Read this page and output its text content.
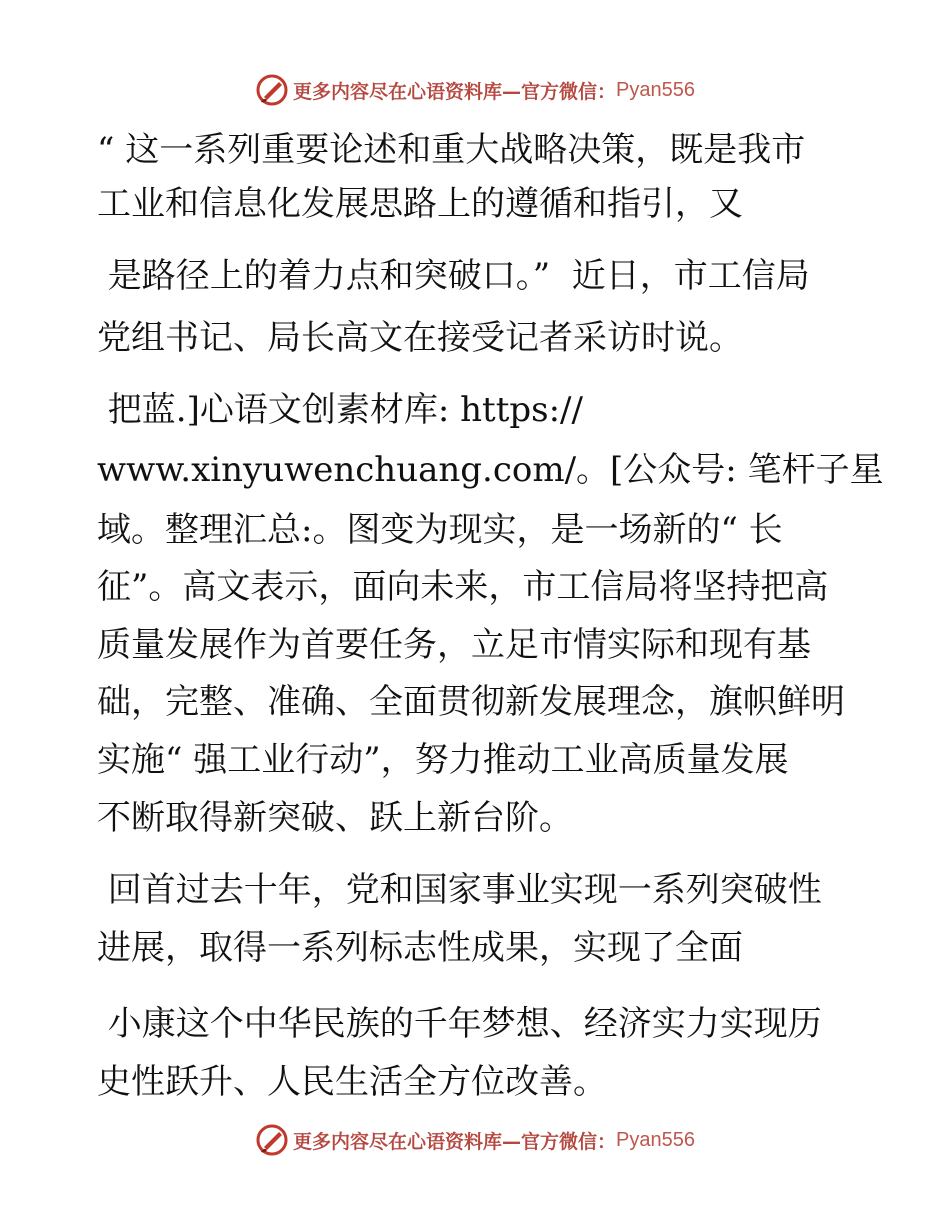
更多内容尽在心语资料库— 官方微信： Pyan556
“ 这一系列重要论述和重大战略决策，既是我市
工业和信息化发展思路上的遵循和指引，又
是路径上的着力点和突破口。”  近日，市工信局
党组书记、局长高文在接受记者采访时说。
把蓝.]心语文创素材库: https://
www.xinyuwenchuang.com/。[公众号: 笔杆子星
域。整理汇总:。图变为现实，是一场新的“ 长
征”。高文表示，面向未来，市工信局将坚持把高
质量发展作为首要任务，立足市情实际和现有基
础，完整、准确、全面贯彻新发展理念，旗帜鲜明
实施“ 强工业行动”，努力推动工业高质量发展
不断取得新突破、跃上新台阶。
回首过去十年，党和国家事业实现一系列突破性
进展，取得一系列标志性成果，实现了全面
小康这个中华民族的千年梦想、经济实力实现历
史性跃升、人民生活全方位改善。
更多内容尽在心语资料库— 官方微信： Pyan556
